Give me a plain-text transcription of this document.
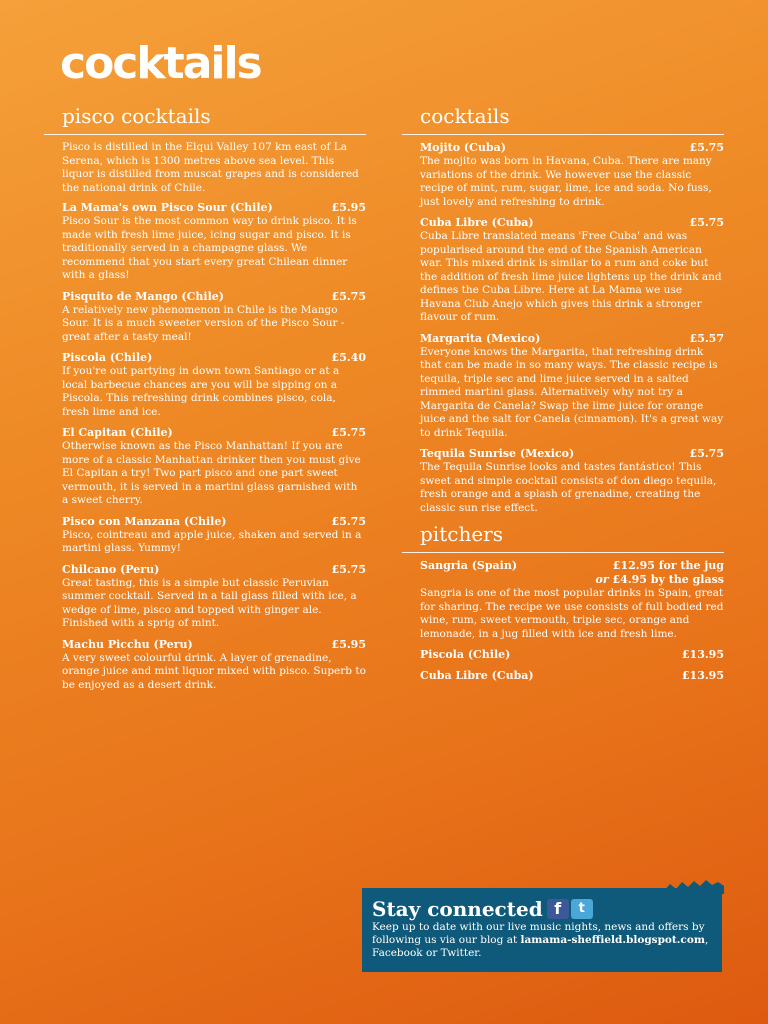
cocktails
pisco cocktails

Pisco is distilled in the Elqui Valley 107 km east of La Serena, which is 1300 metres above sea level. This liquor is distilled from muscat grapes and is considered the national drink of Chile.

La Mama's own Pisco Sour (Chile)	£5.95
Pisco Sour is the most common way to drink pisco. It is made with fresh lime juice, icing sugar and pisco. It is traditionally served in a champagne glass. We recommend that you start every great Chilean dinner with a glass!
Pisquito de Mango (Chile)	£5.75
A relatively new phenomenon in Chile is the Mango Sour. It is a much sweeter version of the Pisco Sour - great after a tasty meal!
Piscola (Chile)	£5.40
If you're out partying in down town Santiago or at a local barbecue chances are you will be sipping on a Piscola. This refreshing drink combines pisco, cola, fresh lime and ice.
El Capitan (Chile)	£5.75
Otherwise known as the Pisco Manhattan! If you are more of a classic Manhattan drinker then you must give El Capitan a try! Two part pisco and one part sweet vermouth, it is served in a martini glass garnished with a sweet cherry.
Pisco con Manzana (Chile)	£5.75
Pisco, cointreau and apple juice, shaken and served in a martini glass. Yummy!
Chilcano (Peru)	£5.75
Great tasting, this is a simple but classic Peruvian summer cocktail. Served in a tall glass filled with ice, a wedge of lime, pisco and topped with ginger ale. Finished with a sprig of mint.
Machu Picchu (Peru)	£5.95
A very sweet colourful drink. A layer of grenadine, orange juice and mint liquor mixed with pisco. Superb to be enjoyed as a desert drink.
cocktails
Mojito (Cuba)	£5.75
The mojito was born in Havana, Cuba. There are many variations of the drink. We however use the classic recipe of mint, rum, sugar, lime, ice and soda. No fuss, just lovely and refreshing to drink.
Cuba Libre (Cuba)	£5.75
Cuba Libre translated means 'Free Cuba' and was popularised around the end of the Spanish American war. This mixed drink is similar to a rum and coke but the addition of fresh lime juice lightens up the drink and defines the Cuba Libre. Here at La Mama we use Havana Club Anejo which gives this drink a stronger flavour of rum.
Margarita (Mexico)	£5.57
Everyone knows the Margarita, that refreshing drink that can be made in so many ways. The classic recipe is tequila, triple sec and lime juice served in a salted rimmed martini glass. Alternatively why not try a Margarita de Canela? Swap the lime juice for orange juice and the salt for Canela (cinnamon). It's a great way to drink Tequila.
Tequila Sunrise (Mexico)	£5.75
The Tequila Sunrise looks and tastes fantástico! This sweet and simple cocktail consists of don diego tequila, fresh orange and a splash of grenadine, creating the classic sun rise effect.
pitchers
Sangria (Spain)	£12.95 for the jug
or £4.95 by the glass
Sangria is one of the most popular drinks in Spain, great for sharing. The recipe we use consists of full bodied red wine, rum, sweet vermouth, triple sec, orange and lemonade, in a jug filled with ice and fresh lime.
Piscola (Chile)	£13.95
Cuba Libre (Cuba)	£13.95
Stay connected f	t
Keep up to date with our live music nights, news and offers by following us via our blog at lamama-sheffield.blogspot.com, Facebook or Twitter.
